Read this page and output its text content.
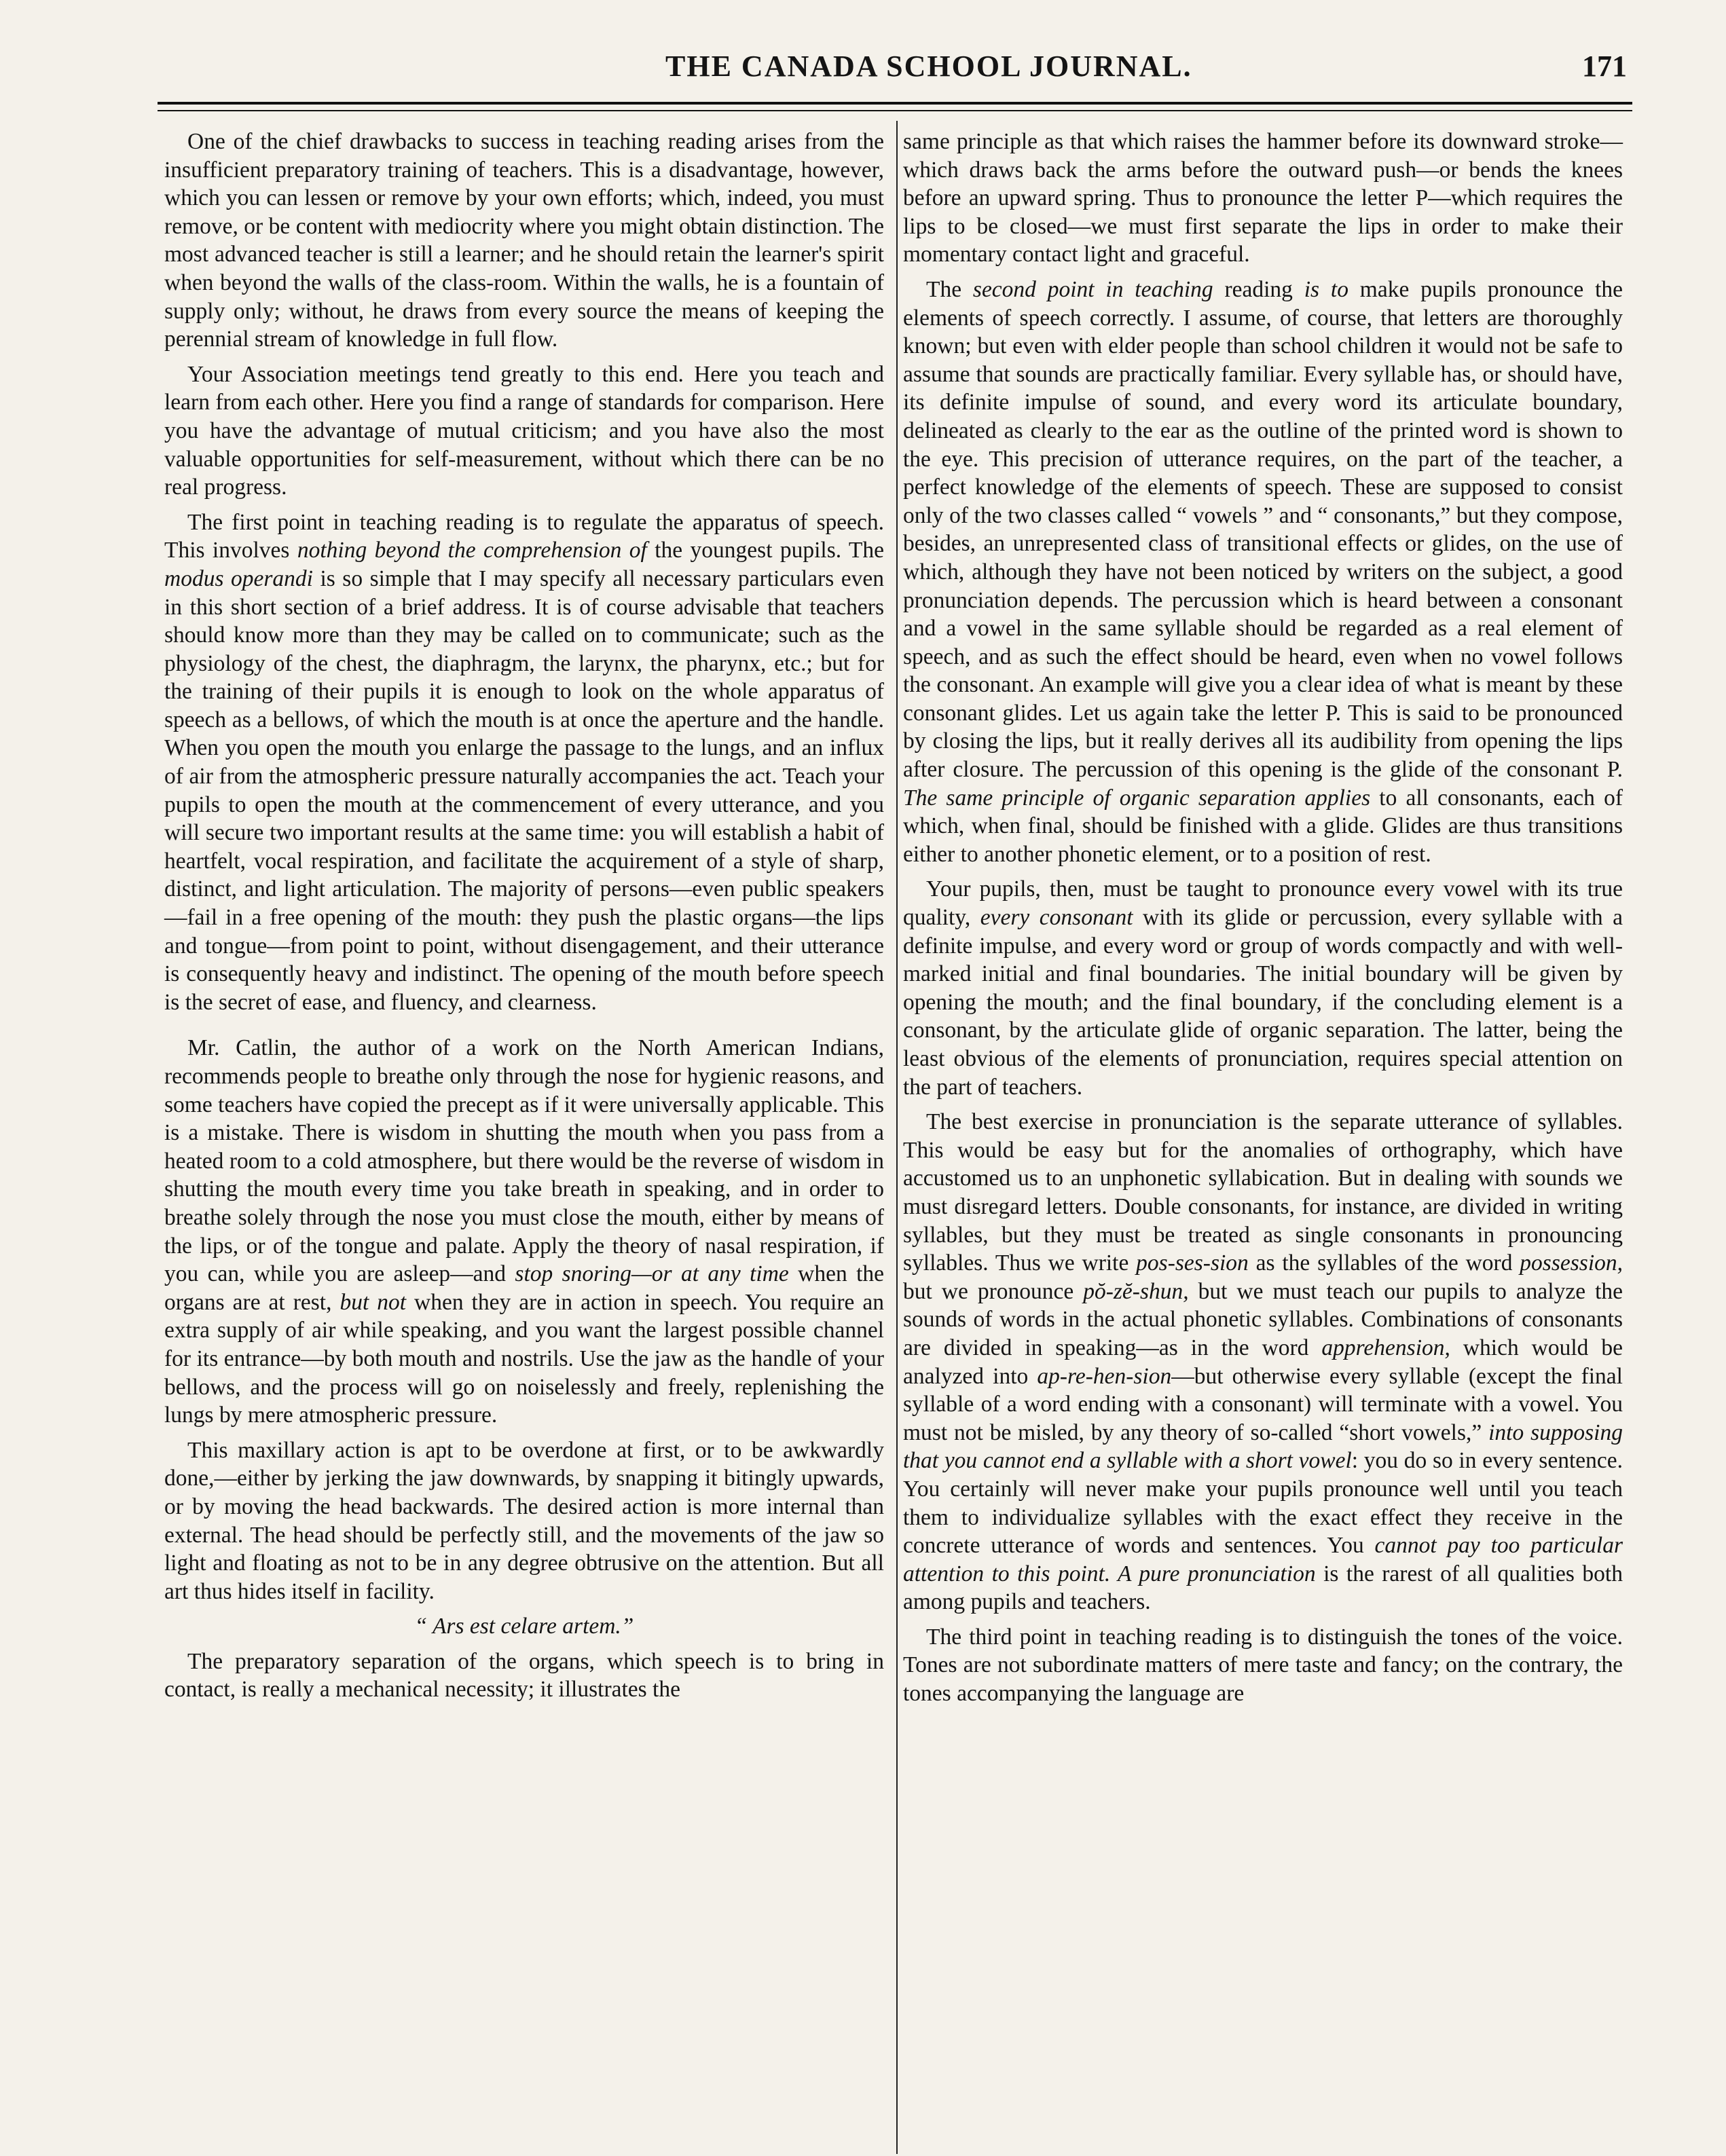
THE CANADA SCHOOL JOURNAL.	171

One of the chief drawbacks to success in teaching reading arises from the insufficient preparatory training of teachers. This is a disadvantage, however, which you can lessen or remove by your own efforts; which, indeed, you must remove, or be content with mediocrity where you might obtain distinction. The most advanced teacher is still a learner; and he should retain the learner's spirit when beyond the walls of the class-room. Within the walls, he is a fountain of supply only; without, he draws from every source the means of keeping the perennial stream of knowledge in full flow.

Your Association meetings tend greatly to this end. Here you teach and learn from each other. Here you find a range of standards for comparison. Here you have the advantage of mutual criticism; and you have also the most valuable opportunities for self-measurement, without which there can be no real progress.

The first point in teaching reading is to regulate the apparatus of speech. This involves nothing beyond the comprehension of the youngest pupils. The modus operandi is so simple that I may specify all necessary particulars even in this short section of a brief address. It is of course advisable that teachers should know more than they may be called on to communicate; such as the physiology of the chest, the diaphragm, the larynx, the pharynx, etc.; but for the training of their pupils it is enough to look on the whole apparatus of speech as a bellows, of which the mouth is at once the aperture and the handle. When you open the mouth you enlarge the passage to the lungs, and an influx of air from the atmospheric pressure naturally accompanies the act. Teach your pupils to open the mouth at the commencement of every utterance, and you will secure two important results at the same time: you will establish a habit of heartfelt, vocal respiration, and facilitate the acquirement of a style of sharp, distinct, and light articulation. The majority of persons—even public speakers—fail in a free opening of the mouth: they push the plastic organs—the lips and tongue—from point to point, without disengagement, and their utterance is consequently heavy and indistinct. The opening of the mouth before speech is the secret of ease, and fluency, and clearness.

Mr. Catlin, the author of a work on the North American Indians, recommends people to breathe only through the nose for hygienic reasons, and some teachers have copied the precept as if it were universally applicable. This is a mistake. There is wisdom in shutting the mouth when you pass from a heated room to a cold atmosphere, but there would be the reverse of wisdom in shutting the mouth every time you take breath in speaking, and in order to breathe solely through the nose you must close the mouth, either by means of the lips, or of the tongue and palate. Apply the theory of nasal respiration, if you can, while you are asleep—and stop snoring—or at any time when the organs are at rest, but not when they are in action in speech. You require an extra supply of air while speaking, and you want the largest possible channel for its entrance—by both mouth and nostrils. Use the jaw as the handle of your bellows, and the process will go on noiselessly and freely, replenishing the lungs by mere atmospheric pressure.

This maxillary action is apt to be overdone at first, or to be awkwardly done,—either by jerking the jaw downwards, by snapping it bitingly upwards, or by moving the head backwards. The desired action is more internal than external. The head should be perfectly still, and the movements of the jaw so light and floating as not to be in any degree obtrusive on the attention. But all art thus hides itself in facility.

“ Ars est celare artem.”

The preparatory separation of the organs, which speech is to bring in contact, is really a mechanical necessity; it illustrates the

same principle as that which raises the hammer before its downward stroke—which draws back the arms before the outward push—or bends the knees before an upward spring. Thus to pronounce the letter P—which requires the lips to be closed—we must first separate the lips in order to make their momentary contact light and graceful.

The second point in teaching reading is to make pupils pronounce the elements of speech correctly. I assume, of course, that letters are thoroughly known; but even with elder people than school children it would not be safe to assume that sounds are practically familiar. Every syllable has, or should have, its definite impulse of sound, and every word its articulate boundary, delineated as clearly to the ear as the outline of the printed word is shown to the eye. This precision of utterance requires, on the part of the teacher, a perfect knowledge of the elements of speech. These are supposed to consist only of the two classes called “ vowels ” and “ consonants,” but they compose, besides, an unrepresented class of transitional effects or glides, on the use of which, although they have not been noticed by writers on the subject, a good pronunciation depends. The percussion which is heard between a consonant and a vowel in the same syllable should be regarded as a real element of speech, and as such the effect should be heard, even when no vowel follows the consonant. An example will give you a clear idea of what is meant by these consonant glides. Let us again take the letter P. This is said to be pronounced by closing the lips, but it really derives all its audibility from opening the lips after closure. The percussion of this opening is the glide of the consonant P. The same principle of organic separation applies to all consonants, each of which, when final, should be finished with a glide. Glides are thus transitions either to another phonetic element, or to a position of rest.

Your pupils, then, must be taught to pronounce every vowel with its true quality, every consonant with its glide or percussion, every syllable with a definite impulse, and every word or group of words compactly and with well-marked initial and final boundaries. The initial boundary will be given by opening the mouth; and the final boundary, if the concluding element is a consonant, by the articulate glide of organic separation. The latter, being the least obvious of the elements of pronunciation, requires special attention on the part of teachers.

The best exercise in pronunciation is the separate utterance of syllables. This would be easy but for the anomalies of orthography, which have accustomed us to an unphonetic syllabication. But in dealing with sounds we must disregard letters. Double consonants, for instance, are divided in writing syllables, but they must be treated as single consonants in pronouncing syllables. Thus we write pos-ses-sion as the syllables of the word possession, but we pronounce pŏ-zĕ-shun, but we must teach our pupils to analyze the sounds of words in the actual phonetic syllables. Combinations of consonants are divided in speaking—as in the word apprehension, which would be analyzed into ap-re-hen-sion—but otherwise every syllable (except the final syllable of a word ending with a consonant) will terminate with a vowel. You must not be misled, by any theory of so-called “short vowels,” into supposing that you cannot end a syllable with a short vowel: you do so in every sentence. You certainly will never make your pupils pronounce well until you teach them to individualize syllables with the exact effect they receive in the concrete utterance of words and sentences. You cannot pay too particular attention to this point. A pure pronunciation is the rarest of all qualities both among pupils and teachers.

The third point in teaching reading is to distinguish the tones of the voice. Tones are not subordinate matters of mere taste and fancy; on the contrary, the tones accompanying the language are
